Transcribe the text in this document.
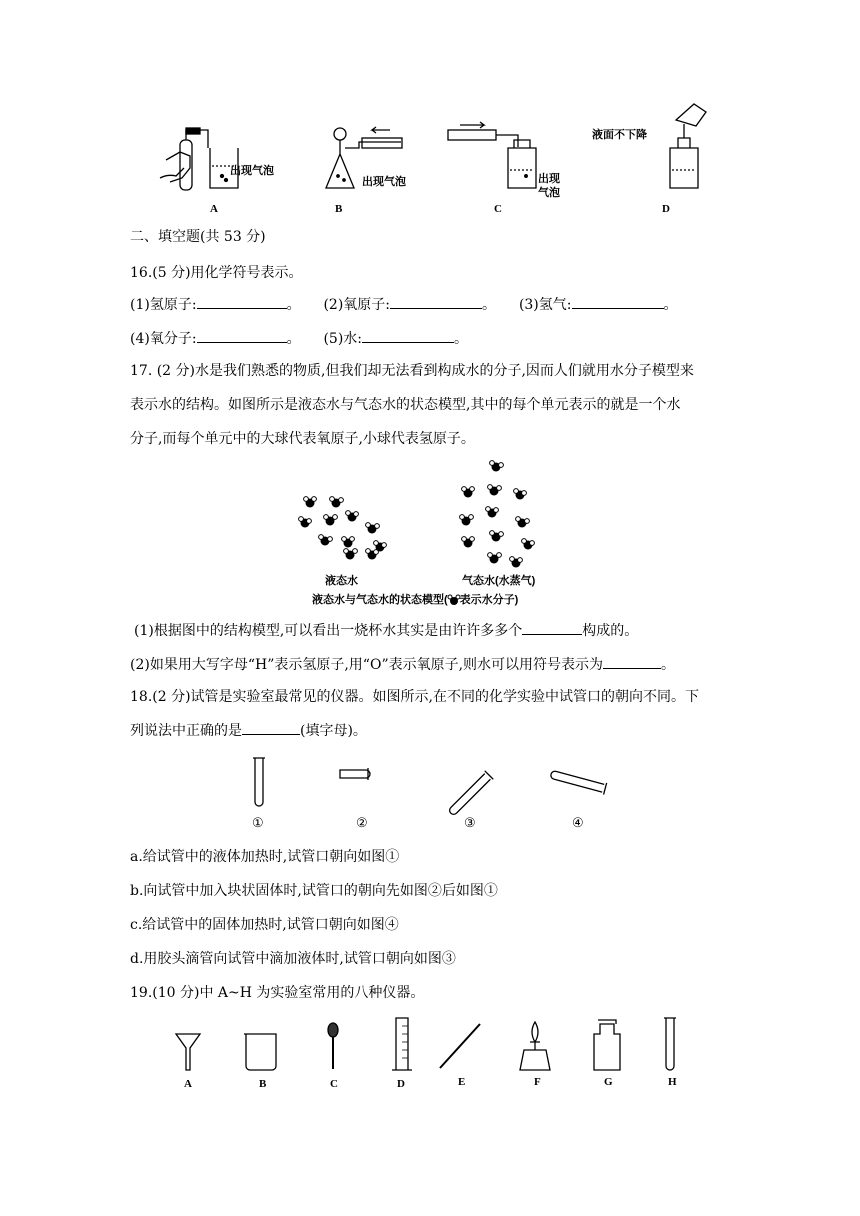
出现气泡
出现气泡	出现
气泡
液面不下降
A	B	C	D
二、填空题(共 53 分)
16.(5 分)用化学符号表示。
(1)氢原子:	。 (2)氧原子:	。 (3)氢气:	。
(4)氧分子:	。 (5)水:	。
17. (2 分)水是我们熟悉的物质,但我们却无法看到构成水的分子,因而人们就用水分子模型来
表示水的结构。如图所示是液态水与气态水的状态模型,其中的每个单元表示的就是一个水
分子,而每个单元中的大球代表氧原子,小球代表氢原子。
液态水	气态水(水蒸气)
液态水与气态水的状态模型( 表示水分子)
(1)根据图中的结构模型,可以看出一烧杯水其实是由许许多多个	构成的。
(2)如果用大写字母“H”表示氢原子,用“O”表示氧原子,则水可以用符号表示为	。
18.(2 分)试管是实验室最常见的仪器。如图所示,在不同的化学实验中试管口的朝向不同。下
列说法中正确的是	(填字母)。
①	②	③	④
a.给试管中的液体加热时,试管口朝向如图①
b.向试管中加入块状固体时,试管口的朝向先如图②后如图①
c.给试管中的固体加热时,试管口朝向如图④
d.用胶头滴管向试管中滴加液体时,试管口朝向如图③
19.(10 分)中 A~H 为实验室常用的八种仪器。
A	B	C	D	E	F	G	H
